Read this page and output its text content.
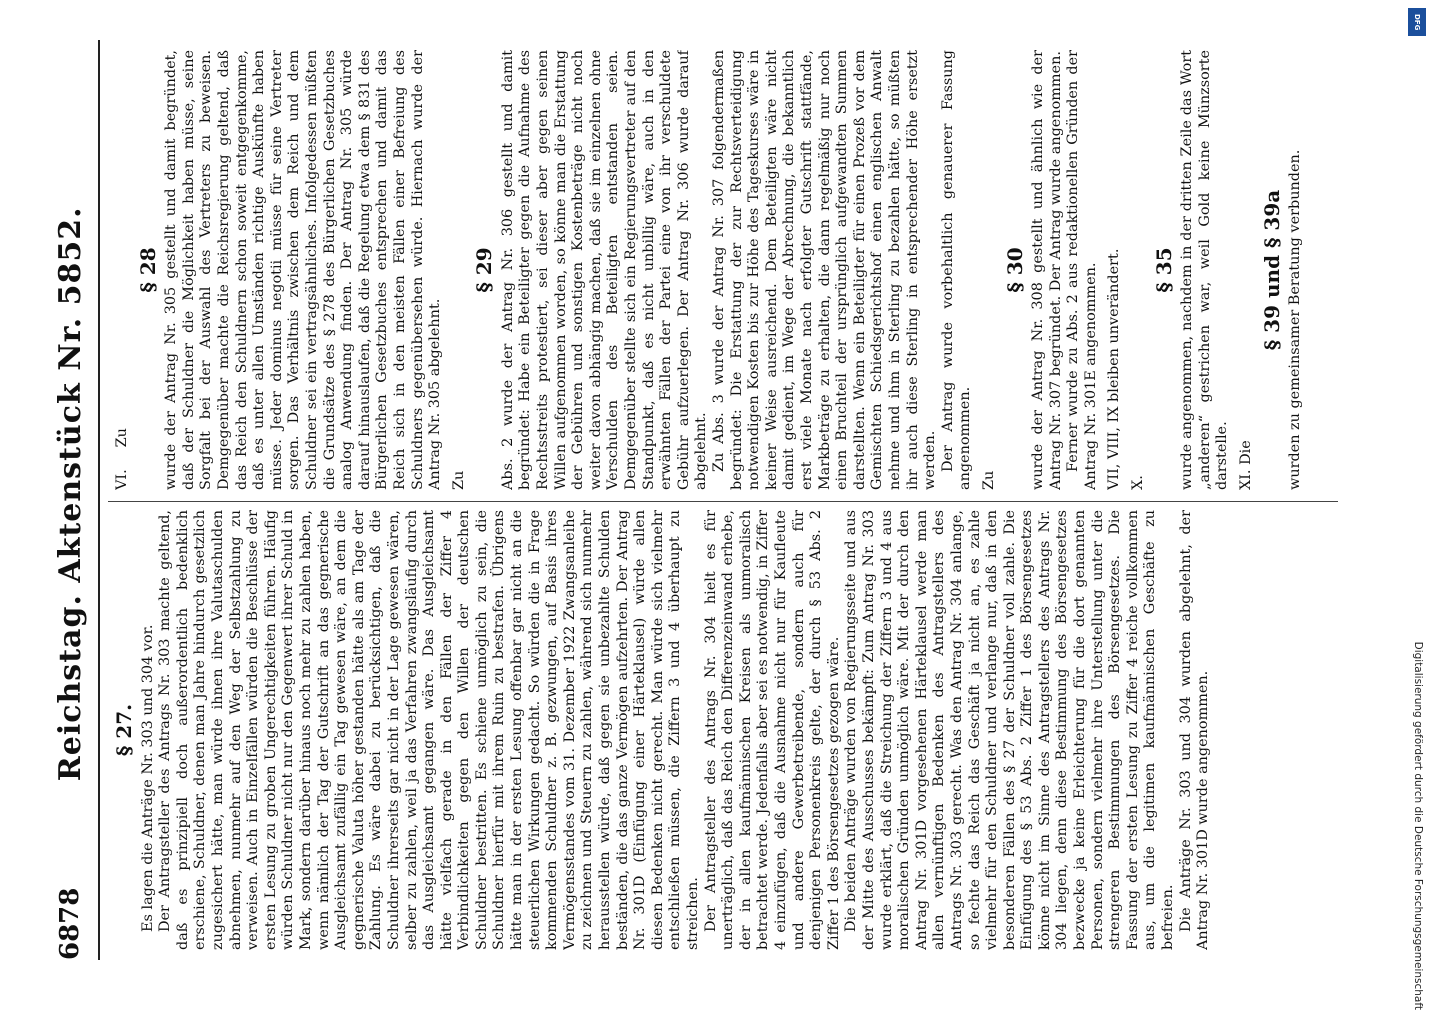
6878
Reichstag. Aktenstück Nr. 5852. § 27. Es lagen die Anträge Nr. 303 und 304 vor. Der Antragsteller des Antrags Nr. 303 machte geltend, daß es prinzipiell doch außerordentlich bedenklich erschiene, Schuldner, denen man Jahre hindurch gesetzlich zugesichert hätte, man würde ihnen ihre Valutaschulden abnehmen, nunmehr auf den Weg der Selbstzahlung zu verweisen. Auch in Einzelfällen würden die Beschlüsse der ersten Lesung zu groben Ungerechtigkeiten führen. Häufig würden Schuldner nicht nur den Gegenwert ihrer Schuld in Mark, sondern darüber hinaus noch mehr zu zahlen haben, wenn nämlich der Tag der Gutschrift an das gegnerische Ausgleichsamt zufällig ein Tag gewesen wäre, an dem die gegnerische Valuta höher gestanden hätte als am Tage der Zahlung. Es wäre dabei zu berücksichtigen, daß die Schuldner ihrerseits gar nicht in der Lage gewesen wären, selber zu zahlen, weil ja das Verfahren zwangsläufig durch das Ausgleichsamt gegangen wäre. Das Ausgleichsamt hätte vielfach gerade in den Fällen der Ziffer 4 Verbindlichkeiten gegen den Willen der deutschen Schuldner bestritten. Es schiene unmöglich zu sein, die Schuldner hierfür mit ihrem Ruin zu bestrafen. Übrigens hätte man in der ersten Lesung offenbar gar nicht an die steuerlichen Wirkungen gedacht. So würden die in Frage kommenden Schuldner z. B. gezwungen, auf Basis ihres Vermögensstandes vom 31. Dezember 1922 Zwangsanleihe zu zeichnen und Steuern zu zahlen, während sich nunmehr herausstellen würde, daß gegen sie unbezahlte Schulden beständen, die das ganze Vermögen aufzehrten. Der Antrag Nr. 301D (Einfügung einer Härteklausel) würde allen diesen Bedenken nicht gerecht. Man würde sich vielmehr entschließen müssen, die Ziffern 3 und 4 überhaupt zu streichen. Der Antragsteller des Antrags Nr. 304 hielt es für unerträglich, daß das Reich den Differenzeinwand erhebe, der in allen kaufmännischen Kreisen als unmoralisch betrachtet werde. Jedenfalls aber sei es notwendig, in Ziffer 4 einzufügen, daß die Ausnahme nicht nur für Kaufleute und andere Gewerbetreibende, sondern auch für denjenigen Personenkreis gelte, der durch § 53 Abs. 2 Ziffer 1 des Börsengesetzes gezogen wäre. Die beiden Anträge wurden von Regierungsseite und aus der Mitte des Ausschusses bekämpft: Zum Antrag Nr. 303 wurde erklärt, daß die Streichung der Ziffern 3 und 4 aus moralischen Gründen unmöglich wäre. Mit der durch den Antrag Nr. 301D vorgesehenen Härteklausel werde man allen vernünftigen Bedenken des Antragstellers des Antrags Nr. 303 gerecht. Was den Antrag Nr. 304 anlange, so fechte das Reich das Geschäft ja nicht an, es zahle vielmehr für den Schuldner und verlange nur, daß in den besonderen Fällen des § 27 der Schuldner voll zahle. Die Einfügung des § 53 Abs. 2 Ziffer 1 des Börsengesetzes könne nicht im Sinne des Antragstellers des Antrags Nr. 304 liegen, denn diese Bestimmung des Börsengesetzes bezwecke ja keine Erleichterung für die dort genannten Personen, sondern vielmehr ihre Unterstellung unter die strengeren Bestimmungen des Börsengesetzes. Die Fassung der ersten Lesung zu Ziffer 4 reiche vollkommen aus, um die legitimen kaufmännischen Geschäfte zu befreien. Die Anträge Nr. 303 und 304 wurden abgelehnt, der Antrag Nr. 301D wurde angenommen.

VI. Zu
§ 28 wurde der Antrag Nr. 305 gestellt und damit begründet, daß der Schuldner die Möglichkeit haben müsse, seine Sorgfalt bei der Auswahl des Vertreters zu beweisen. Demgegenüber machte die Reichsregierung geltend, daß das Reich den Schuldnern schon soweit entgegenkomme, daß es unter allen Umständen richtige Auskünfte haben müsse. Jeder dominus negotii müsse für seine Vertreter sorgen. Das Verhältnis zwischen dem Reich und dem Schuldner sei ein vertragsähnliches. Infolgedessen müßten die Grundsätze des § 278 des Bürgerlichen Gesetzbuches analog Anwendung finden. Der Antrag Nr. 305 würde darauf hinauslaufen, daß die Regelung etwa dem § 831 des Bürgerlichen Gesetzbuches entsprechen und damit das Reich sich in den meisten Fällen einer Befreiung des Schuldners gegenübersehen würde. Hiernach wurde der Antrag Nr. 305 abgelehnt. Zu
§ 29 Abs. 2 wurde der Antrag Nr. 306 gestellt und damit begründet: Habe ein Beteiligter gegen die Aufnahme des Rechtsstreits protestiert, sei dieser aber gegen seinen Willen aufgenommen worden, so könne man die Erstattung der Gebühren und sonstigen Kostenbeträge nicht noch weiter davon abhängig machen, daß sie im einzelnen ohne Verschulden des Beteiligten entstanden seien. Demgegenüber stellte sich ein Regierungsvertreter auf den Standpunkt, daß es nicht unbillig wäre, auch in den erwähnten Fällen der Partei eine von ihr verschuldete Gebühr aufzuerlegen. Der Antrag Nr. 306 wurde darauf abgelehnt. Zu Abs. 3 wurde der Antrag Nr. 307 folgendermaßen begründet: Die Erstattung der zur Rechtsverteidigung notwendigen Kosten bis zur Höhe des Tageskurses wäre in keiner Weise ausreichend. Dem Beteiligten wäre nicht damit gedient, im Wege der Abrechnung, die bekanntlich erst viele Monate nach erfolgter Gutschrift stattfände, Markbeträge zu erhalten, die dann regelmäßig nur noch einen Bruchteil der ursprünglich aufgewandten Summen darstellten. Wenn ein Beteiligter für einen Prozeß vor dem Gemischten Schiedsgerichtshof einen englischen Anwalt nehme und ihm in Sterling zu bezahlen hätte, so müßten ihr auch diese Sterling in entsprechender Höhe ersetzt werden. Der Antrag wurde vorbehaltlich genauerer Fassung angenommen. Zu
§ 30 wurde der Antrag Nr. 308 gestellt und ähnlich wie der Antrag Nr. 307 begründet. Der Antrag wurde angenommen. Ferner wurde zu Abs. 2 aus redaktionellen Gründen der Antrag Nr. 301E angenommen. VII, VIII, IX bleiben unverändert. X.
§ 35 wurde angenommen, nachdem in der dritten Zeile das Wort „anderen“ gestrichen war, weil Gold keine Münzsorte darstelle. XI. Die
§ 39 und § 39a wurden zu gemeinsamer Beratung verbunden.

DFG
Digitalisierung gefördert durch die Deutsche Forschungsgemeinschaft
